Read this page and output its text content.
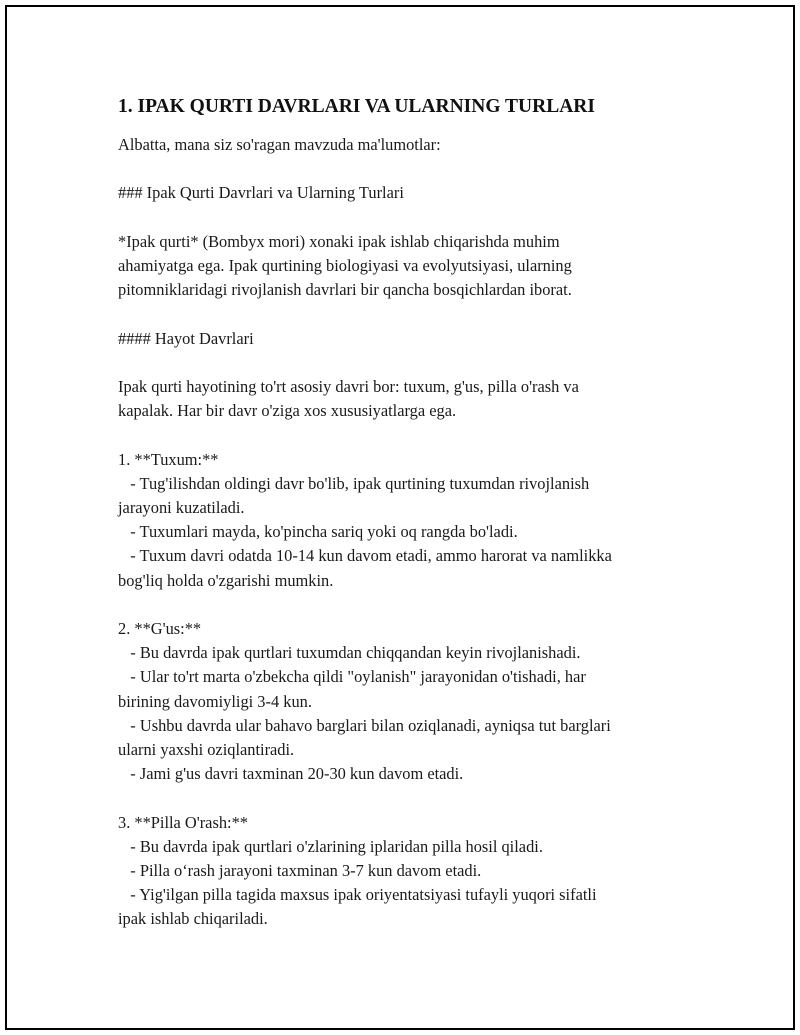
1. IPAK QURTI DAVRLARI VA ULARNING TURLARI

Albatta, mana siz so'ragan mavzuda ma'lumotlar:

### Ipak Qurti Davrlari va Ularning Turlari

*Ipak qurti* (Bombyx mori) xonaki ipak ishlab chiqarishda muhim
ahamiyatga ega. Ipak qurtining biologiyasi va evolyutsiyasi, ularning
pitomniklaridagi rivojlanish davrlari bir qancha bosqichlardan iborat.

#### Hayot Davrlari

Ipak qurti hayotining to'rt asosiy davri bor: tuxum, g'us, pilla o'rash va
kapalak. Har bir davr o'ziga xos xususiyatlarga ega.

1. **Tuxum:**
- Tug'ilishdan oldingi davr bo'lib, ipak qurtining tuxumdan rivojlanish
jarayoni kuzatiladi.
- Tuxumlari mayda, ko'pincha sariq yoki oq rangda bo'ladi.
- Tuxum davri odatda 10-14 kun davom etadi, ammo harorat va namlikka
bog'liq holda o'zgarishi mumkin.

2. **G'us:**
- Bu davrda ipak qurtlari tuxumdan chiqqandan keyin rivojlanishadi.
- Ular to'rt marta o'zbekcha qildi "oylanish" jarayonidan o'tishadi, har
birining davomiyligi 3-4 kun.
- Ushbu davrda ular bahavo barglari bilan oziqlanadi, ayniqsa tut barglari
ularni yaxshi oziqlantiradi.
- Jami g'us davri taxminan 20-30 kun davom etadi.

3. **Pilla O'rash:**
- Bu davrda ipak qurtlari o'zlarining iplaridan pilla hosil qiladi.
- Pilla o‘rash jarayoni taxminan 3-7 kun davom etadi.
- Yig'ilgan pilla tagida maxsus ipak oriyentatsiyasi tufayli yuqori sifatli
ipak ishlab chiqariladi.
